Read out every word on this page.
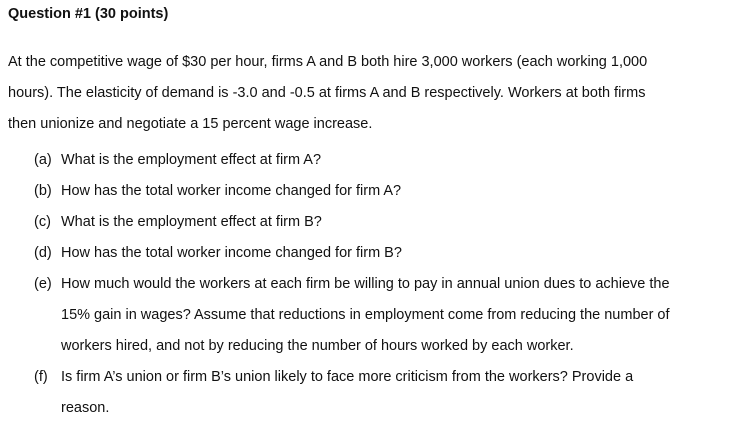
Question #1 (30 points)

At the competitive wage of $30 per hour, firms A and B both hire 3,000 workers (each working 1,000

hours). The elasticity of demand is -3.0 and -0.5 at firms A and B respectively. Workers at both firms

then unionize and negotiate a 15 percent wage increase.

(a) What is the employment effect at firm A?
(b) How has the total worker income changed for firm A?
(c) What is the employment effect at firm B?
(d) How has the total worker income changed for firm B?
(e) How much would the workers at each firm be willing to pay in annual union dues to achieve the
15% gain in wages? Assume that reductions in employment come from reducing the number of
workers hired, and not by reducing the number of hours worked by each worker.
(f) Is firm A’s union or firm B’s union likely to face more criticism from the workers? Provide a
reason.
